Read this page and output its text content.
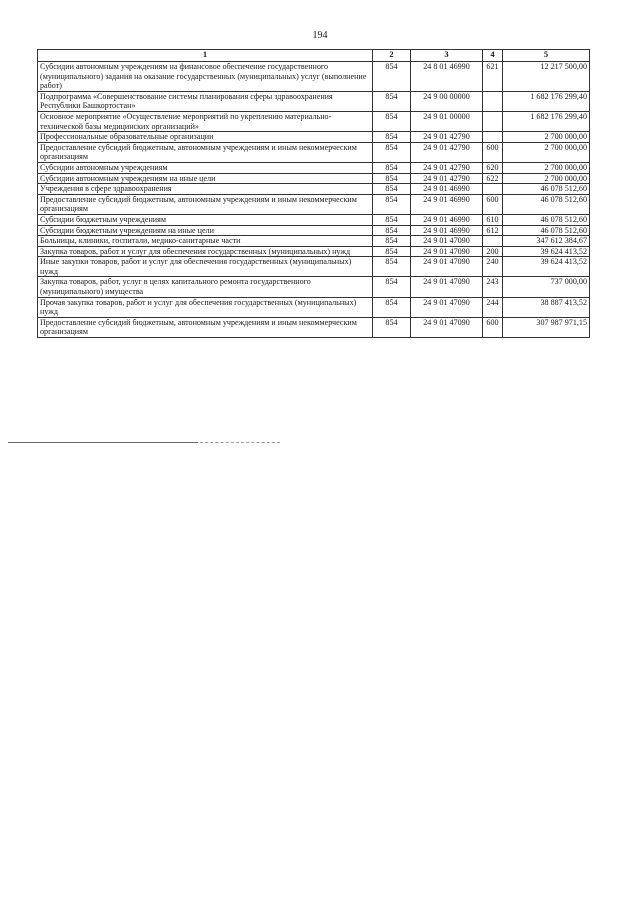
194
1	2	3	4	5
Субсидии автономным учреждениям на финансовое обеспечение государственного (муниципального) задания на оказание государственных (муниципальных) услуг (выполнение работ)	854	24 8 01 46990	621	12 217 500,00
Подпрограмма «Совершенствование системы планирования сферы здравоохранения Республики Башкортостан»	854	24 9 00 00000		1 682 176 299,40
Основное мероприятие «Осуществление мероприятий по укреплению материально-технической базы медицинских организаций»	854	24 9 01 00000		1 682 176 299,40
Профессиональные образовательные организации	854	24 9 01 42790		2 700 000,00
Предоставление субсидий бюджетным, автономным учреждениям и иным некоммерческим организациям	854	24 9 01 42790	600	2 700 000,00
Субсидии автономным учреждениям	854	24 9 01 42790	620	2 700 000,00
Субсидии автономным учреждениям на иные цели	854	24 9 01 42790	622	2 700 000,00
Учреждения в сфере здравоохранения	854	24 9 01 46990		46 078 512,60
Предоставление субсидий бюджетным, автономным учреждениям и иным некоммерческим организациям	854	24 9 01 46990	600	46 078 512,60
Субсидии бюджетным учреждениям	854	24 9 01 46990	610	46 078 512,60
Субсидии бюджетным учреждениям на иные цели	854	24 9 01 46990	612	46 078 512,60
Больницы, клиники, госпитали, медико-санитарные части	854	24 9 01 47090		347 612 384,67
Закупка товаров, работ и услуг для обеспечения государственных (муниципальных) нужд	854	24 9 01 47090	200	39 624 413,52
Иные закупки товаров, работ и услуг для обеспечения государственных (муниципальных) нужд	854	24 9 01 47090	240	39 624 413,52
Закупка товаров, работ, услуг в целях капитального ремонта государственного (муниципального) имущества	854	24 9 01 47090	243	737 000,00
Прочая закупка товаров, работ и услуг для обеспечения государственных (муниципальных) нужд	854	24 9 01 47090	244	38 887 413,52
Предоставление субсидий бюджетным, автономным учреждениям и иным некоммерческим организациям	854	24 9 01 47090	600	307 987 971,15
